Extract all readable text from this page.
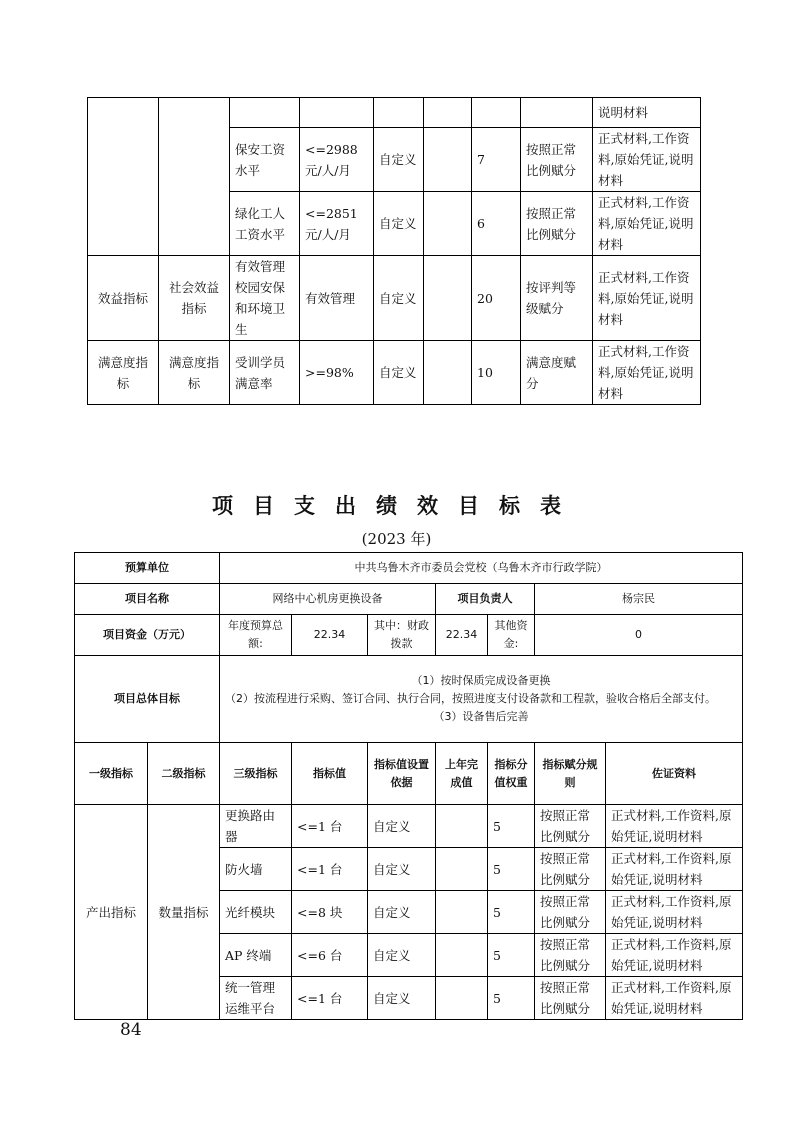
								说明材料
		保安工资水平	<=2988 元/人/月	自定义		7	按照正常比例赋分	正式材料,工作资料,原始凭证,说明材料
		绿化工人工资水平	<=2851 元/人/月	自定义		6	按照正常比例赋分	正式材料,工作资料,原始凭证,说明材料
效益指标	社会效益指标	有效管理校园安保和环境卫生	有效管理	自定义		20	按评判等级赋分	正式材料,工作资料,原始凭证,说明材料
满意度指标	满意度指标	受训学员满意率	>=98%	自定义		10	满意度赋分	正式材料,工作资料,原始凭证,说明材料
项目支出绩效目标表
(2023 年)
预算单位		中共乌鲁木齐市委员会党校（乌鲁木齐市行政学院）						
项目名称		网络中心机房更换设备			项目负责人		杨宗民	
项目资金（万元）		年度预算总额:	22.34	其中：财政拨款	22.34	其他资金:	0	
项目总体目标		（1）按时保质完成设备更换
（2）按流程进行采购、签订合同、执行合同，按照进度支付设备款和工程款，验收合格后全部支付。
（3）设备售后完善						

一级指标	二级指标	三级指标	指标值	指标值设置依据	上年完成值	指标分值权重	指标赋分规则	佐证资料
产出指标	数量指标	更换路由器	<=1 台	自定义		5	按照正常比例赋分	正式材料,工作资料,原始凭证,说明材料
		防火墙	<=1 台	自定义		5	按照正常比例赋分	正式材料,工作资料,原始凭证,说明材料
		光纤模块	<=8 块	自定义		5	按照正常比例赋分	正式材料,工作资料,原始凭证,说明材料
		AP 终端	<=6 台	自定义		5	按照正常比例赋分	正式材料,工作资料,原始凭证,说明材料
		统一管理运维平台	<=1 台	自定义		5	按照正常比例赋分	正式材料,工作资料,原始凭证,说明材料
84
